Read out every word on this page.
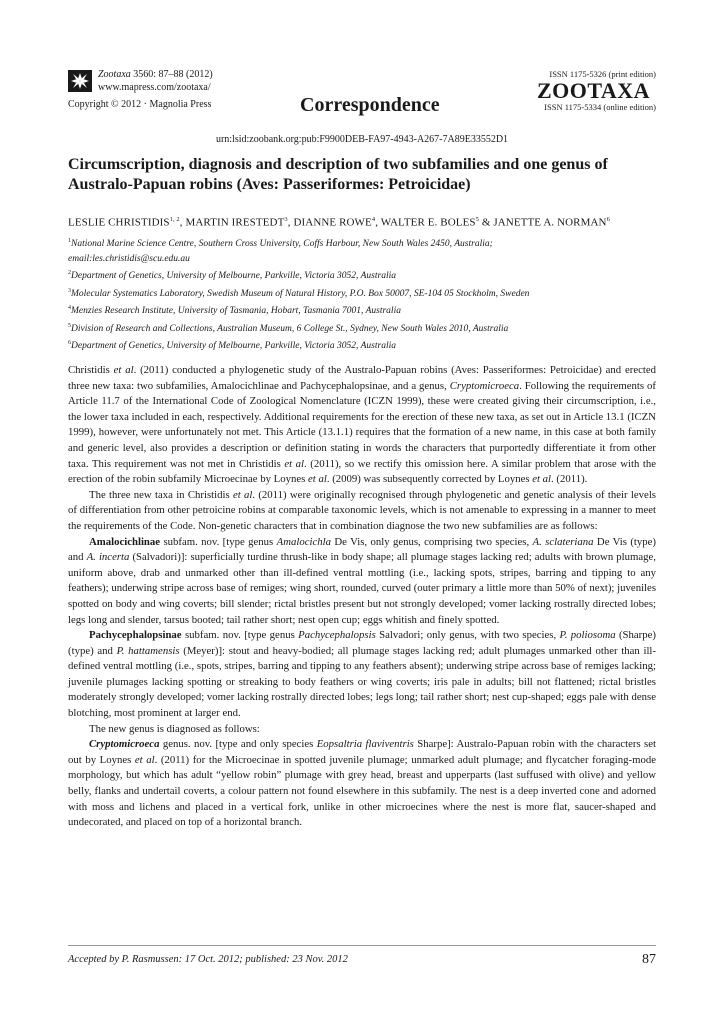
Zootaxa 3560: 87–88 (2012)
www.mapress.com/zootaxa/
Copyright © 2012 · Magnolia Press	Correspondence
ISSN 1175-5326 (print edition)
ZOOTAXA
ISSN 1175-5334 (online edition)
urn:lsid:zoobank.org:pub:F9900DEB-FA97-4943-A267-7A89E33552D1
Circumscription, diagnosis and description of two subfamilies and one genus of
Australo-Papuan robins (Aves: Passeriformes: Petroicidae)
LESLIE CHRISTIDIS$^{1, 2}$, MARTIN IRESTEDT$^3$, DIANNE ROWE$^4$, WALTER E. BOLES$^5$ & JANETTE A. NORMAN$^6$

$^1$National Marine Science Centre, Southern Cross University, Coffs Harbour, New South Wales 2450, Australia;

email:les.christidis@scu.edu.au

$^2$Department of Genetics, University of Melbourne, Parkville, Victoria 3052, Australia

$^3$Molecular Systematics Laboratory, Swedish Museum of Natural History, P.O. Box 50007, SE-104 05 Stockholm, Sweden

$^4$Menzies Research Institute, University of Tasmania, Hobart, Tasmania 7001, Australia

$^5$Division of Research and Collections, Australian Museum, 6 College St., Sydney, New South Wales 2010, Australia

$^6$Department of Genetics, University of Melbourne, Parkville, Victoria 3052, Australia

Christidis et al. (2011) conducted a phylogenetic study of the Australo-Papuan robins (Aves: Passeriformes: Petroicidae) and erected three new taxa: two subfamilies, Amalocichlinae and Pachycephalopsinae, and a genus, Cryptomicroeca. Following the requirements of Article 11.7 of the International Code of Zoological Nomenclature (ICZN 1999), these were created giving their circumscription, i.e., the lower taxa included in each, respectively. Additional requirements for the erection of these new taxa, as set out in Article 13.1 (ICZN 1999), however, were unfortunately not met. This Article (13.1.1) requires that the formation of a new name, in this case at both family and generic level, also provides a description or definition stating in words the characters that purportedly differentiate it from other taxa. This requirement was not met in Christidis et al. (2011), so we rectify this omission here. A similar problem that arose with the erection of the robin subfamily Microecinae by Loynes et al. (2009) was subsequently corrected by Loynes et al. (2011).

The three new taxa in Christidis et al. (2011) were originally recognised through phylogenetic and genetic analysis of their levels of differentiation from other petroicine robins at comparable taxonomic levels, which is not amenable to expressing in a manner to meet the requirements of the Code. Non-genetic characters that in combination diagnose the two new subfamilies are as follows:

Amalocichlinae subfam. nov. [type genus Amalocichla De Vis, only genus, comprising two species, A. sclateriana De Vis (type) and A. incerta (Salvadori)]: superficially turdine thrush-like in body shape; all plumage stages lacking red; adults with brown plumage, uniform above, drab and unmarked other than ill-defined ventral mottling (i.e., lacking spots, stripes, barring and tipping to any feathers); underwing stripe across base of remiges; wing short, rounded, curved (outer primary a little more than 50% of next); juveniles spotted on body and wing coverts; bill slender; rictal bristles present but not strongly developed; vomer lacking rostrally directed lobes; legs long and slender, tarsus booted; tail rather short; nest open cup; eggs whitish and finely spotted.

Pachycephalopsinae subfam. nov. [type genus Pachycephalopsis Salvadori; only genus, with two species, P. poliosoma (Sharpe) (type) and P. hattamensis (Meyer)]: stout and heavy-bodied; all plumage stages lacking red; adult plumages unmarked other than ill-defined ventral mottling (i.e., spots, stripes, barring and tipping to any feathers absent); underwing stripe across base of remiges lacking; juvenile plumages lacking spotting or streaking to body feathers or wing coverts; iris pale in adults; bill not flattened; rictal bristles moderately strongly developed; vomer lacking rostrally directed lobes; legs long; tail rather short; nest cup-shaped; eggs pale with dense blotching, most prominent at larger end.

The new genus is diagnosed as follows:

Cryptomicroeca genus. nov. [type and only species Eopsaltria flaviventris Sharpe]: Australo-Papuan robin with the characters set out by Loynes et al. (2011) for the Microecinae in spotted juvenile plumage; unmarked adult plumage; and flycatcher foraging-mode morphology, but which has adult “yellow robin” plumage with grey head, breast and upperparts (last suffused with olive) and yellow belly, flanks and undertail coverts, a colour pattern not found elsewhere in this subfamily. The nest is a deep inverted cone and adorned with moss and lichens and placed in a vertical fork, unlike in other microecines where the nest is more flat, saucer-shaped and undecorated, and placed on top of a horizontal branch.

Accepted by P. Rasmussen: 17 Oct. 2012; published: 23 Nov. 2012	87
